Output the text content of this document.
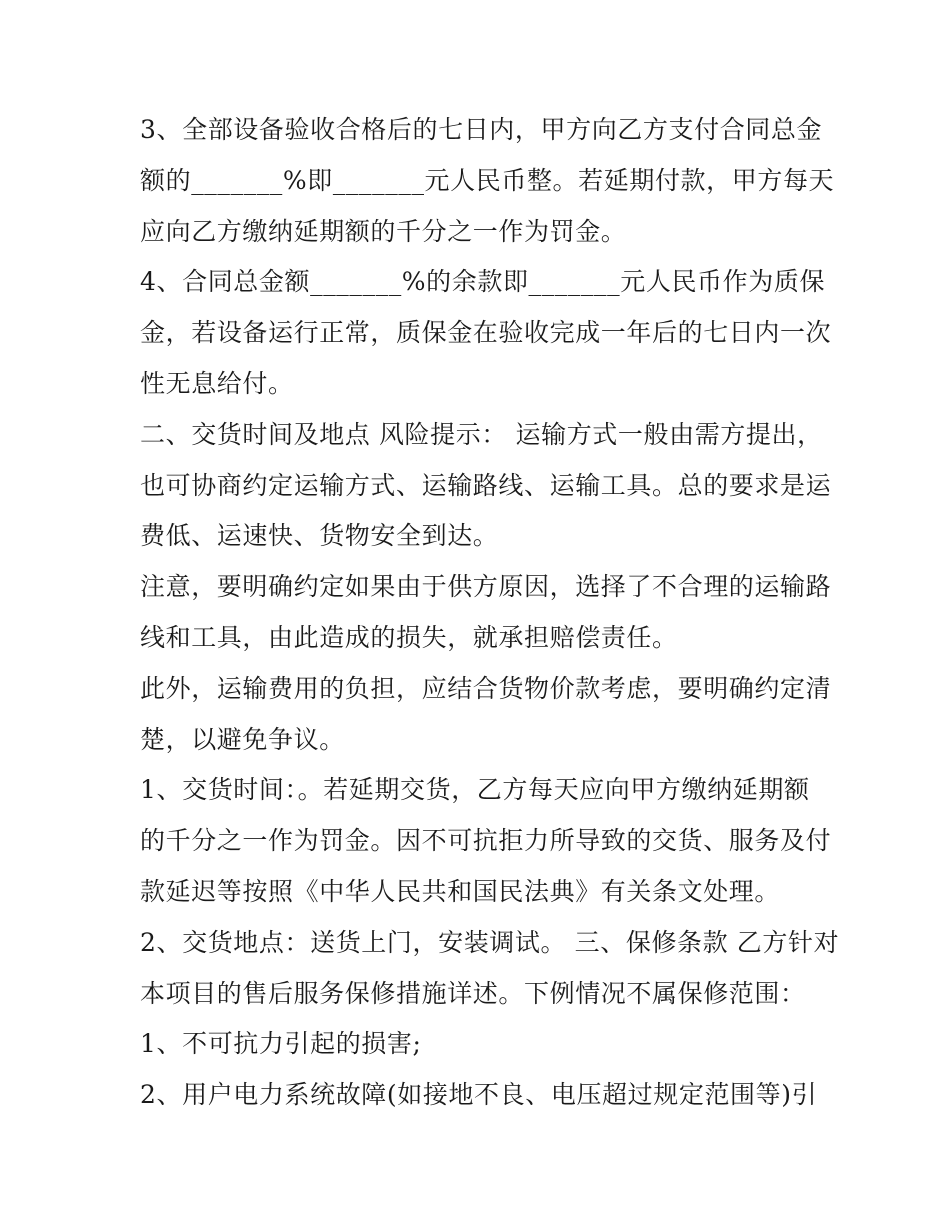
3、全部设备验收合格后的七日内，甲方向乙方支付合同总金
额的_______%即_______元人民币整。若延期付款，甲方每天
应向乙方缴纳延期额的千分之一作为罚金。
4、合同总金额_______%的余款即_______元人民币作为质保
金，若设备运行正常，质保金在验收完成一年后的七日内一次
性无息给付。
二、交货时间及地点 风险提示： 运输方式一般由需方提出，
也可协商约定运输方式、运输路线、运输工具。总的要求是运
费低、运速快、货物安全到达。
注意，要明确约定如果由于供方原因，选择了不合理的运输路
线和工具，由此造成的损失，就承担赔偿责任。
此外，运输费用的负担，应结合货物价款考虑，要明确约定清
楚，以避免争议。
1、交货时间：。若延期交货，乙方每天应向甲方缴纳延期额
的千分之一作为罚金。因不可抗拒力所导致的交货、服务及付
款延迟等按照《中华人民共和国民法典》有关条文处理。
2、交货地点：送货上门，安装调试。 三、保修条款 乙方针对
本项目的售后服务保修措施详述。下例情况不属保修范围：
1、不可抗力引起的损害;
2、用户电力系统故障(如接地不良、电压超过规定范围等)引
